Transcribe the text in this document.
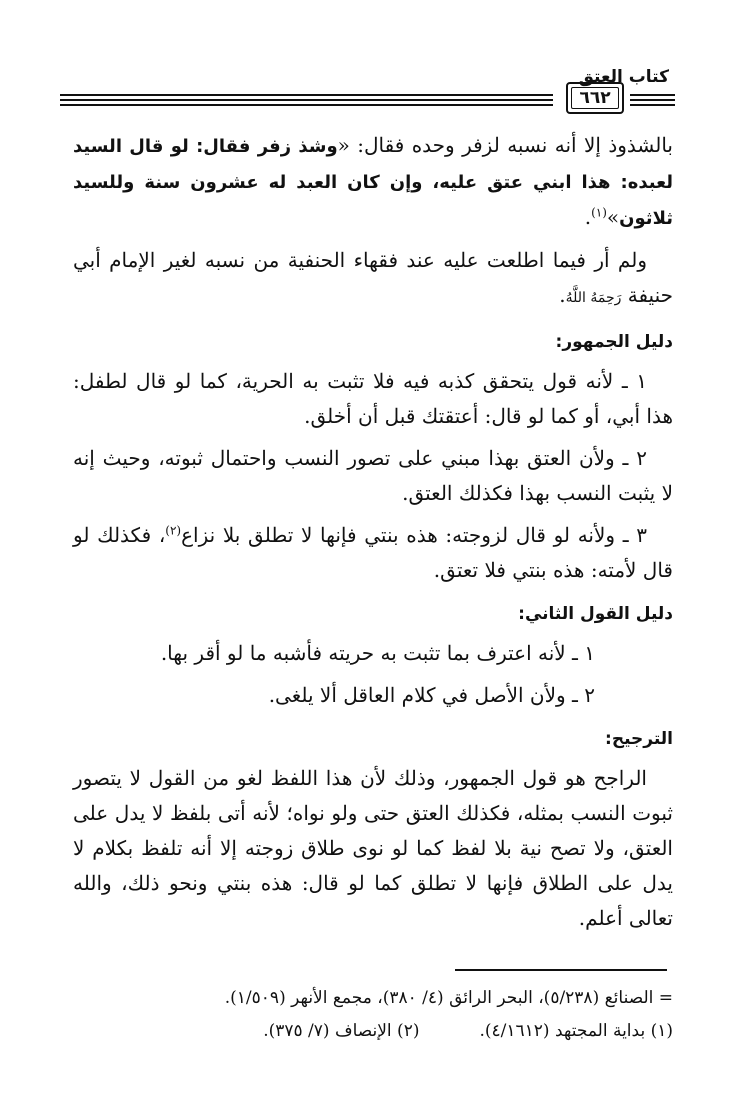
كتاب العتق
٦٦٢

بالشذوذ إلا أنه نسبه لزفر وحده فقال: «وشذ زفر فقال: لو قال السيد لعبده: هذا ابني عتق عليه، وإن كان العبد له عشرون سنة وللسيد ثلاثون»$^{(١)}$.

ولم أر فيما اطلعت عليه عند فقهاء الحنفية من نسبه لغير الإمام أبي حنيفة رَحِمَهُ اللَّهُ.

دليل الجمهور:

١ ـ لأنه قول يتحقق كذبه فيه فلا تثبت به الحرية، كما لو قال لطفل: هذا أبي، أو كما لو قال: أعتقتك قبل أن أخلق.

٢ ـ ولأن العتق بهذا مبني على تصور النسب واحتمال ثبوته، وحيث إنه لا يثبت النسب بهذا فكذلك العتق.

٣ ـ ولأنه لو قال لزوجته: هذه بنتي فإنها لا تطلق بلا نزاع$^{(٢)}$، فكذلك لو قال لأمته: هذه بنتي فلا تعتق.

دليل القول الثاني:

١ ـ لأنه اعترف بما تثبت به حريته فأشبه ما لو أقر بها.

٢ ـ ولأن الأصل في كلام العاقل ألا يلغى.

الترجيح:

الراجح هو قول الجمهور، وذلك لأن هذا اللفظ لغو من القول لا يتصور ثبوت النسب بمثله، فكذلك العتق حتى ولو نواه؛ لأنه أتى بلفظ لا يدل على العتق، ولا تصح نية بلا لفظ كما لو نوى طلاق زوجته إلا أنه تلفظ بكلام لا يدل على الطلاق فإنها لا تطلق كما لو قال: هذه بنتي ونحو ذلك، والله تعالى أعلم.

= الصنائع (٥/٢٣٨)، البحر الرائق (٤/ ٣٨٠)، مجمع الأنهر (١/٥٠٩).
(١) بداية المجتهد (٤/١٦١٢).(٢) الإنصاف (٧/ ٣٧٥).
